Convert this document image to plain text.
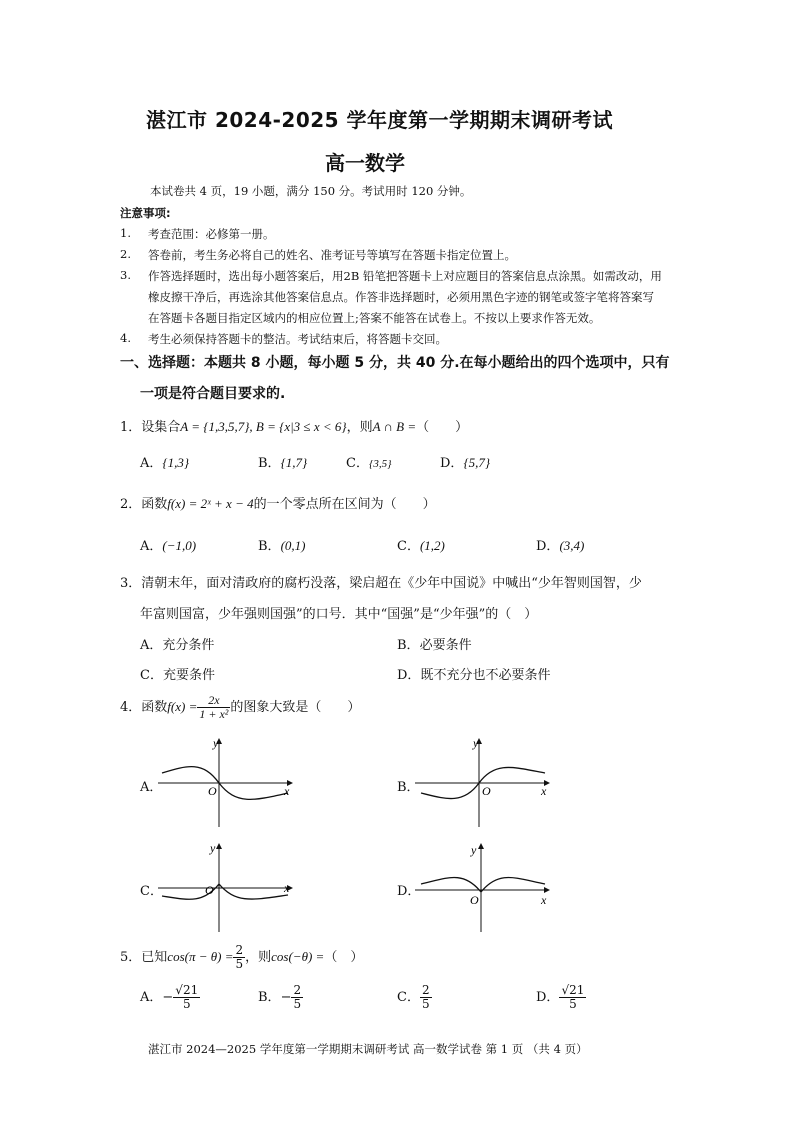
湛江市 2024-2025 学年度第一学期期末调研考试
高一数学
本试卷共 4 页，19 小题，满分 150 分。考试用时 120 分钟。
注意事项:
1. 考查范围：必修第一册。
2. 答卷前，考生务必将自己的姓名、准考证号等填写在答题卡指定位置上。
3. 作答选择题时，选出每小题答案后，用2B 铅笔把答题卡上对应题目的答案信息点涂黑。如需改动，用
橡皮擦干净后，再选涂其他答案信息点。作答非选择题时，必须用黑色字迹的钢笔或签字笔将答案写
在答题卡各题目指定区域内的相应位置上;答案不能答在试卷上。不按以上要求作答无效。
4. 考生必须保持答题卡的整洁。考试结束后，将答题卡交回。
一、选择题：本题共 8 小题，每小题 5 分，共 40 分.在每小题给出的四个选项中，只有
一项是符合题目要求的.
1．设集合A = {1,3,5,7}, B = {x|3 ≤ x < 6}，则A ∩ B =（　　）
A．{1,3}	B．{1,7}	C．{3,5}	D．{5,7}
2．函数f(x) = 2ˣ + x − 4的一个零点所在区间为（　　）
A．(−1,0)	B．(0,1)	C．(1,2)	D．(3,4)
3．清朝末年，面对清政府的腐朽没落，梁启超在《少年中国说》中喊出“少年智则国智，少
年富则国富，少年强则国强”的口号．其中“国强”是“少年强”的（　）
A．充分条件	B．必要条件
C．充要条件	D．既不充分也不必要条件
4．函数$f(x) = \frac{2x}{\text{1 + x²}}$ 的图象大致是（　　）
A．	B．
C．	D．
y
x
O
y
x
O
y
x
O
y
x
O
5．已知$\cos(\pi - \theta) = \frac{2}{5}$ ，则cos(−θ) =（　）
A．− $\frac{√21}{5}$	B．− $\frac{2}{5}$	C． $\frac{2}{5}$	D． $\frac{√21}{5}$
湛江市 2024—2025 学年度第一学期期末调研考试 高一数学试卷 第 1 页 （共 4 页）
